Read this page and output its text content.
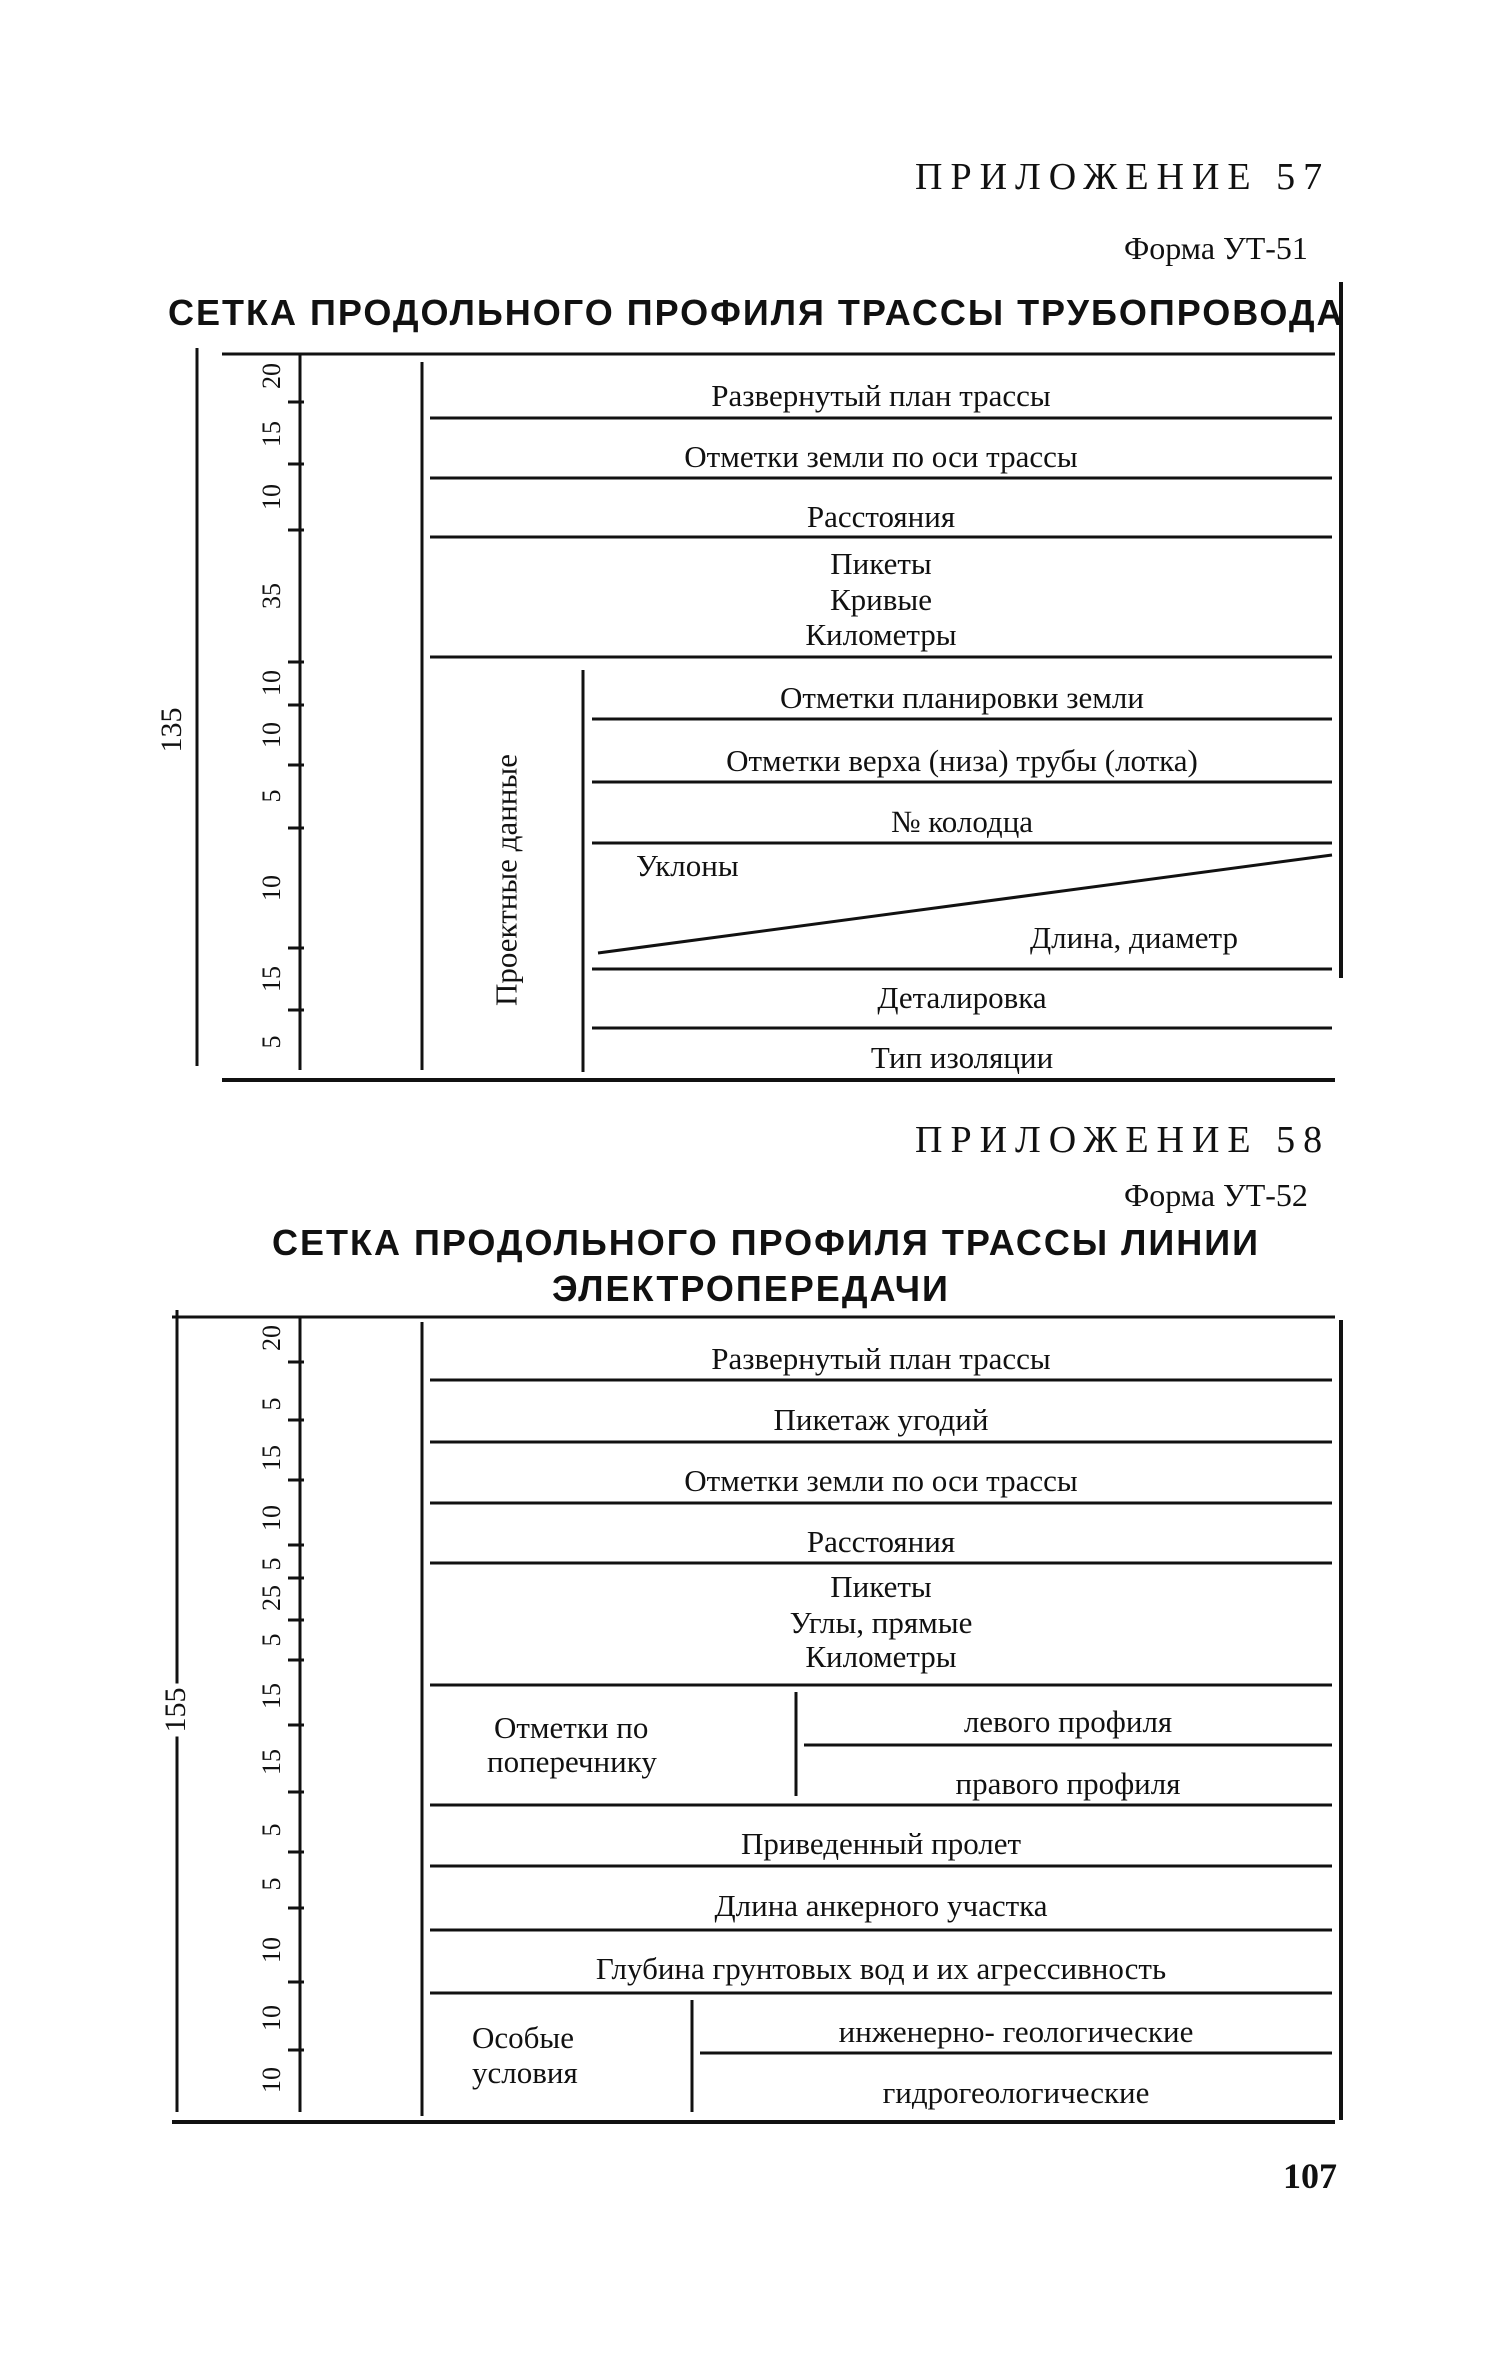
ПРИЛОЖЕНИЕ 57
Форма УТ-51
СЕТКА ПРОДОЛЬНОГО ПРОФИЛЯ ТРАССЫ ТРУБОПРОВОДА
135
20
15
10
35
10
10
5
10
15
5
Развернутый план трассы
Отметки земли по оси трассы
Расстояния
Пикеты
Кривые
Километры
Проектные данные
Отметки планировки земли
Отметки верха (низа) трубы (лотка)
№ колодца
Уклоны
Длина, диаметр
Деталировка
Тип изоляции
ПРИЛОЖЕНИЕ 58
Форма УТ-52
СЕТКА ПРОДОЛЬНОГО ПРОФИЛЯ ТРАССЫ ЛИНИИ
ЭЛЕКТРОПЕРЕДАЧИ
155
20
5
15
10
5
25
5
15
15
5
5
10
10
10
Развернутый план трассы
Пикетаж угодий
Отметки земли по оси трассы
Расстояния
Пикеты
Углы, прямые
Километры
Отметки по
поперечнику
левого профиля
правого профиля
Приведенный пролет
Длина анкерного участка
Глубина грунтовых вод и их агрессивность
Особые
условия
инженерно- геологические
гидрогеологические
107
